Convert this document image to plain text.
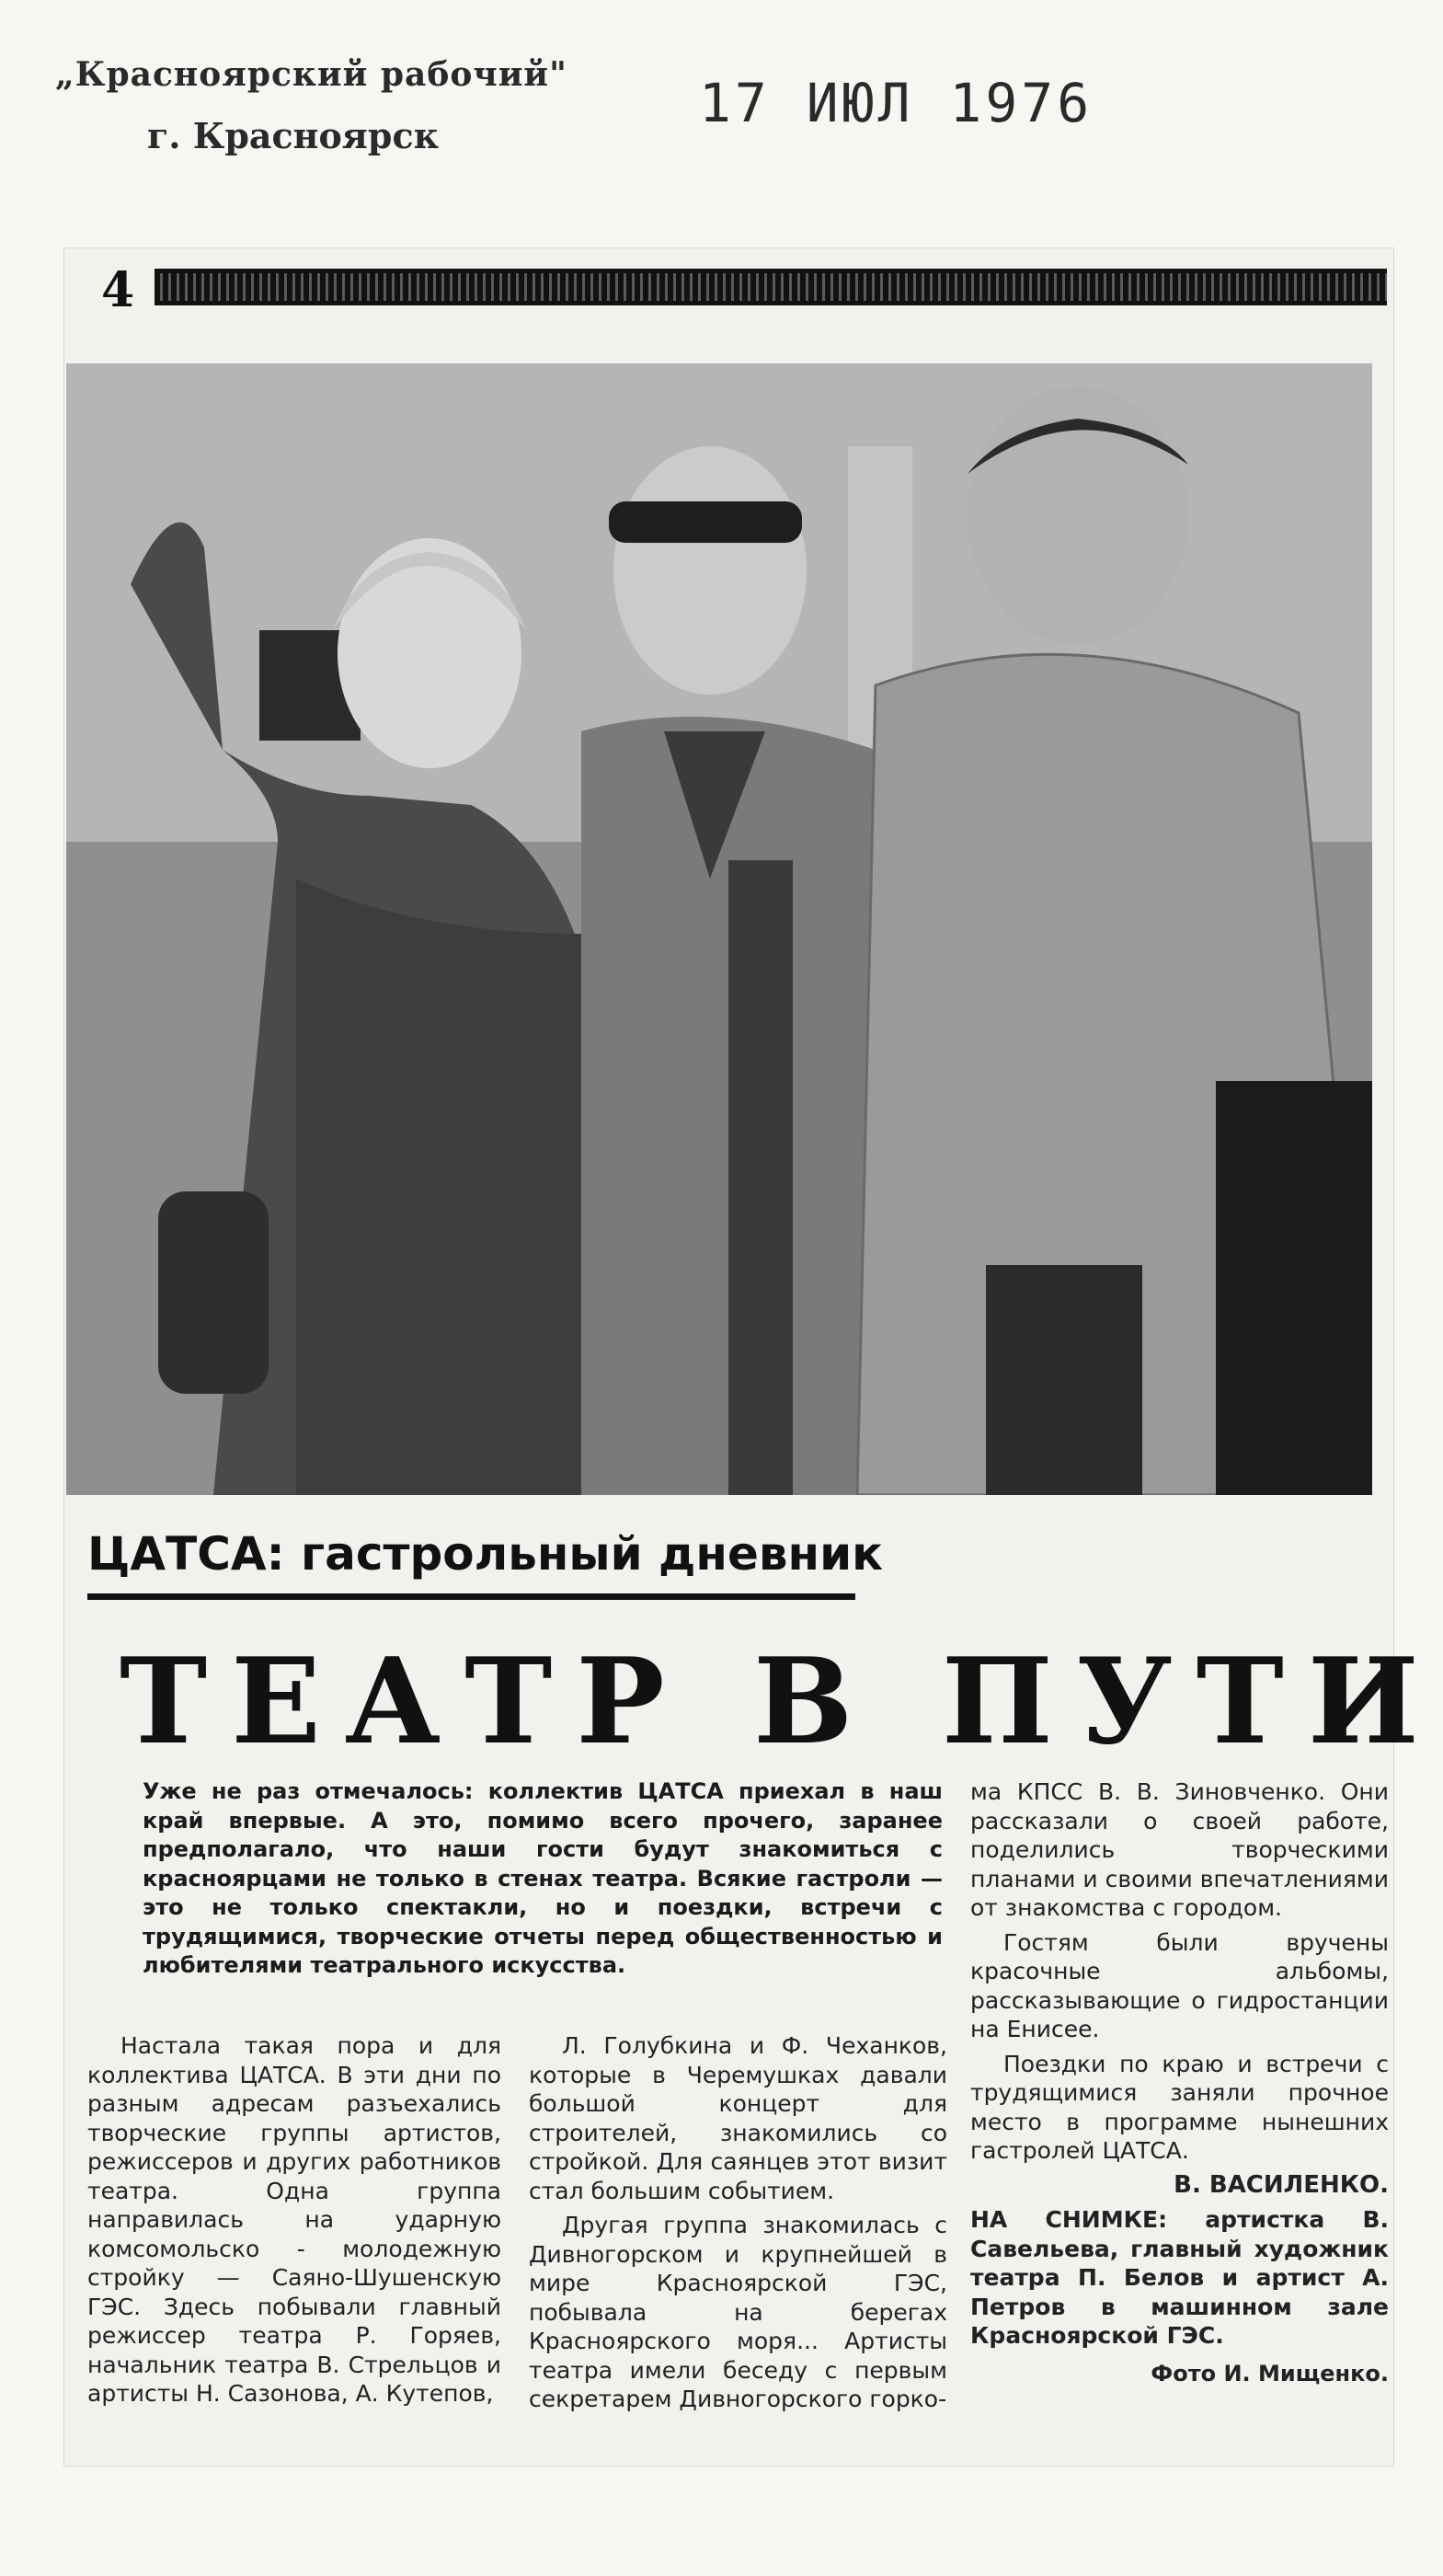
„Красноярский рабочий"
г. Красноярск
17 ИЮЛ 1976
4
ЦАТСА: гастрольный дневник
ТЕАТР В ПУТИ
Уже не раз отмечалось: коллектив ЦАТСА приехал в наш край впервые. А это, помимо всего прочего, заранее предполагало, что наши гости будут знакомиться с красноярцами не только в стенах театра. Всякие гастроли — это не только спектакли, но и поездки, встречи с трудящимися, творческие отчеты перед общественностью и любителями театрального искусства.

Настала такая пора и для коллектива ЦАТСА. В эти дни по разным адресам разъехались творческие группы артистов, режиссеров и других работников театра. Одна группа направилась на ударную комсомольско - молодежную стройку — Саяно-Шушенскую ГЭС. Здесь побывали главный режиссер театра Р. Горяев, начальник театра В. Стрельцов и артисты Н. Сазонова, А. Кутепов,

Л. Голубкина и Ф. Чеханков, которые в Черемушках давали большой концерт для строителей, знакомились со стройкой. Для саянцев этот визит стал большим событием.

Другая группа знакомилась с Дивногорском и крупнейшей в мире Красноярской ГЭС, побывала на берегах Красноярского моря... Артисты театра имели беседу с первым секретарем Дивногорского горко-

ма КПСС В. В. Зиновченко. Они рассказали о своей работе, поделились творческими планами и своими впечатлениями от знакомства с городом.

Гостям были вручены красочные альбомы, рассказывающие о гидростанции на Енисее.

Поездки по краю и встречи с трудящимися заняли прочное место в программе нынешних гастролей ЦАТСА.

В. ВАСИЛЕНКО.
НА СНИМКЕ: артистка В. Савельева, главный художник театра П. Белов и артист А. Петров в машинном зале Красноярской ГЭС.
Фото И. Мищенко.
